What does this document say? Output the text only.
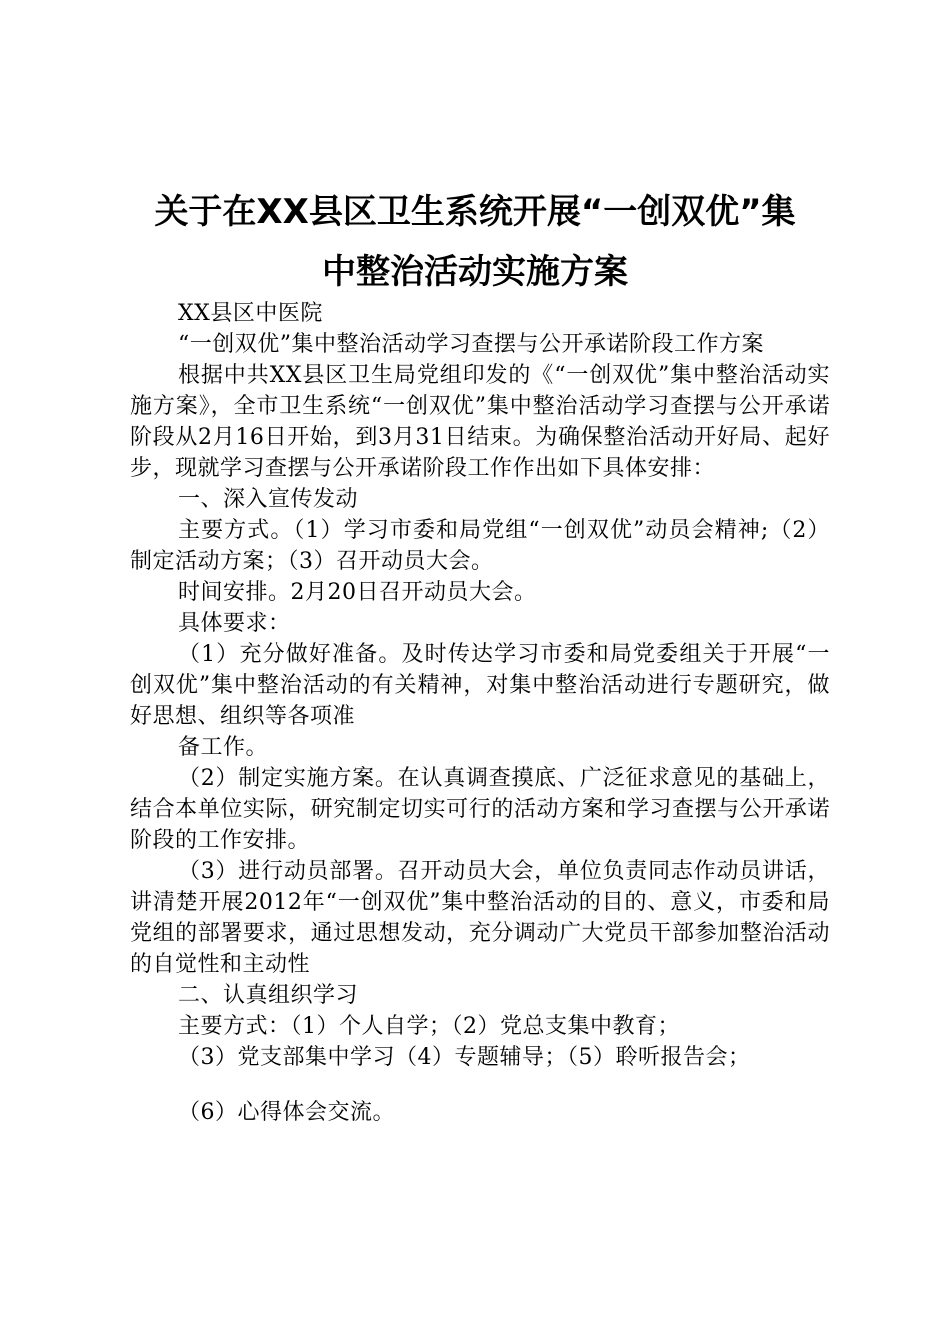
关于在XX县区卫生系统开展“一创双优”集
中整治活动实施方案

XX县区中医院

“一创双优”集中整治活动学习查摆与公开承诺阶段工作方案

根据中共XX县区卫生局党组印发的《“一创双优”集中整治活动实施方案》，全市卫生系统“一创双优”集中整治活动学习查摆与公开承诺阶段从2月16日开始，到3月31日结束。为确保整治活动开好局、起好步，现就学习查摆与公开承诺阶段工作作出如下具体安排：

一、深入宣传发动

主要方式。（1）学习市委和局党组“一创双优”动员会精神;（2）制定活动方案；（3）召开动员大会。

时间安排。2月20日召开动员大会。

具体要求：

（1）充分做好准备。及时传达学习市委和局党委组关于开展“一创双优”集中整治活动的有关精神，对集中整治活动进行专题研究，做好思想、组织等各项准

备工作。

（2）制定实施方案。在认真调查摸底、广泛征求意见的基础上，结合本单位实际，研究制定切实可行的活动方案和学习查摆与公开承诺阶段的工作安排。

（3）进行动员部署。召开动员大会，单位负责同志作动员讲话，讲清楚开展2012年“一创双优”集中整治活动的目的、意义，市委和局党组的部署要求，通过思想发动，充分调动广大党员干部参加整治活动的自觉性和主动性

二、认真组织学习

主要方式：（1）个人自学；（2）党总支集中教育；

（3）党支部集中学习（4）专题辅导；（5）聆听报告会；

（6）心得体会交流。
